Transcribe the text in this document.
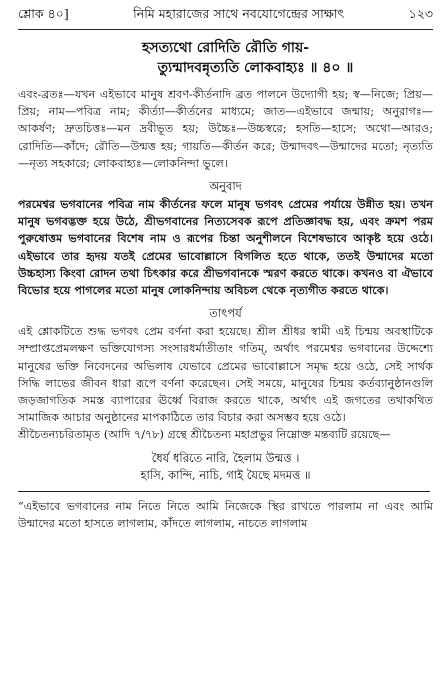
শ্লোক ৪০]	নিমি মহারাজের সাথে নবযোগেন্দ্রের সাক্ষাৎ	১২৩
হসত্যথো রোদিতি রৌতি গায়-
ত্যুন্মাদবন্নৃত্যতি লোকবাহ্যঃ ॥ ৪০ ॥

এবং-ব্রতঃ—যখন এইভাবে মানুষ শ্রবণ-কীর্তনাদি ব্রত পালনে উদ্যোগী হয়; স্ব—নিজে; প্রিয়—প্রিয়; নাম—পবিত্র নাম; কীর্ত্যা—কীর্তনের মাধ্যমে; জাত—এইভাবে জন্মায়; অনুরাগঃ—আকর্ষণ; দ্রুতচিত্তঃ—মন দ্রবীভূত হয়; উচ্চৈঃ—উচ্চস্বরে; হসতি—হাসে; অথো—আরও; রোদিতি—কাঁদে; রৌতি—উন্মত্ত হয়; গায়তি—কীর্তন করে; উন্মাদবৎ—উন্মাদের মতো; নৃত্যতি—নৃত্য সহকারে; লোকবাহ্যঃ—লোকনিন্দা ভুলে।

অনুবাদ

পরমেশ্বর ভগবানের পবিত্র নাম কীর্তনের ফলে মানুষ ভগবৎ প্রেমের পর্যায়ে উন্নীত হয়। তখন মানুষ ভগবদ্ভক্ত হয়ে উঠে, শ্রীভগবানের নিত্যসেবক রূপে প্রতিজ্ঞাবদ্ধ হয়, এবং ক্রমশ পরম পুরুষোত্তম ভগবানের বিশেষ নাম ও রূপের চিন্তা অনুশীলনে বিশেষভাবে আকৃষ্ট হয়ে ওঠে। এইভাবে তার হৃদয় যতই প্রেমের ভাবোল্লাসে বিগলিত হতে থাকে, ততই উন্মাদের মতো উচ্চহাস্য কিংবা রোদন তথা চিৎকার করে শ্রীভগবানকে স্মরণ করতে থাকে। কখনও বা ঐভাবে বিভোর হয়ে পাগলের মতো মানুষ লোকনিন্দায় অবিচল থেকে নৃত্যগীত করতে থাকে।

তাৎপর্য

এই শ্লোকটিতে শুদ্ধ ভগবৎ প্রেম বর্ণনা করা হয়েছে। শ্রীল শ্রীধর স্বামী এই চিন্ময় অবস্থাটিকে সম্প্রাপ্তপ্রেমলক্ষণ ভক্তিযোগস্য সংসারধর্মাতীতাং গতিম্, অর্থাৎ পরমেশ্বর ভগবানের উদ্দেশ্যে মানুষের ভক্তি নিবেদনের অভিলাষ যেভাবে প্রেমের ভাবোল্লাসে সমৃদ্ধ হয়ে ওঠে, সেই সার্থক সিদ্ধি লাভের জীবন ধারা রূপে বর্ণনা করেছেন। সেই সময়ে, মানুষের চিন্ময় কর্তব্যানুষ্ঠানগুলি জড়জাগতিক সমস্ত ব্যাপারের ঊর্ধ্বে বিরাজ করতে থাকে, অর্থাৎ এই জগতের তথাকথিত সামাজিক আচার অনুষ্ঠানের মাপকাঠিতে তার বিচার করা অসম্ভব হয়ে ওঠে।

শ্রীচৈতন্যচরিতামৃত (আদি ৭/৭৮) গ্রন্থে শ্রীচৈতন্য মহাপ্রভুর নিম্নোক্ত মন্তব্যটি রয়েছে—

ধৈর্য ধরিতে নারি, হৈলাম উন্মত্ত ।
হাসি, কান্দি, নাচি, গাই যৈছে মদমত্ত ॥

“এইভাবে ভগবানের নাম নিতে নিতে আমি নিজেকে স্থির রাখতে পারলাম না এবং আমি উন্মাদের মতো হাসতে লাগলাম, কাঁদতে লাগলাম, নাচতে লাগলাম
